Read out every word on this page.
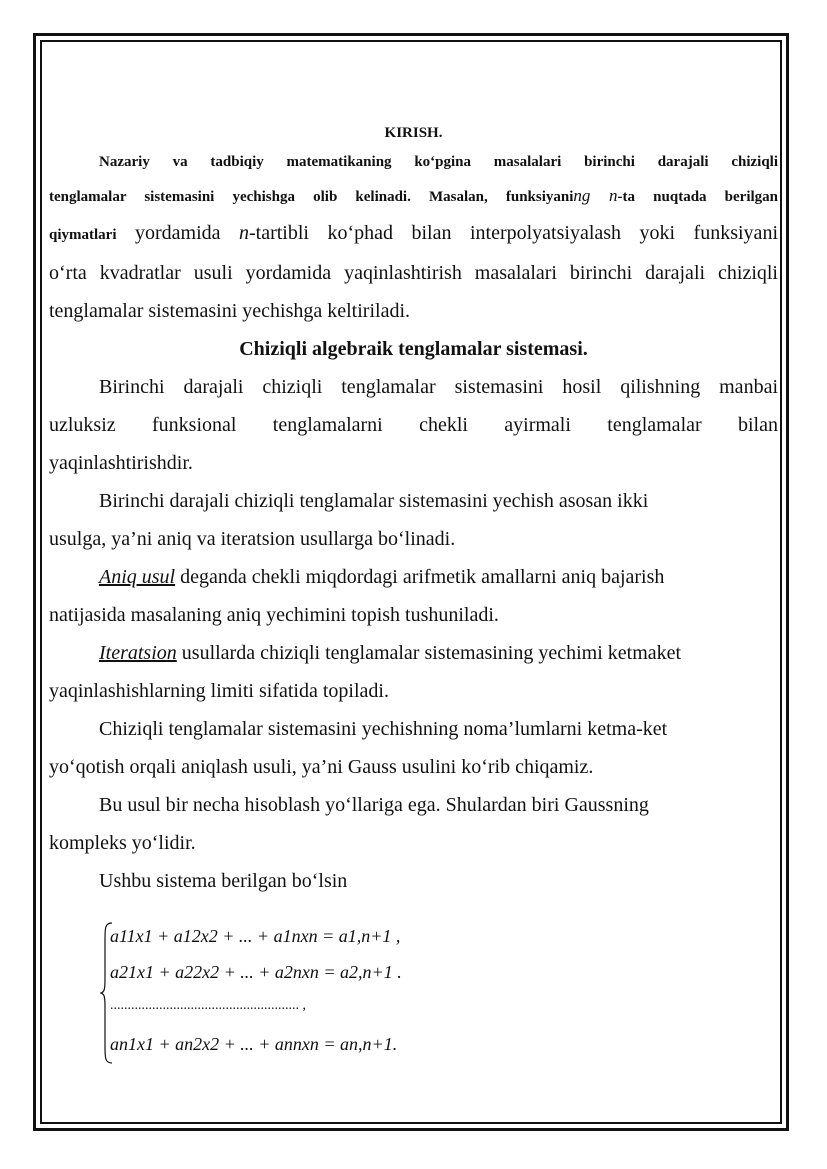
KIRISH.

Nazariy va tadbiqiy matematikaning ko‘pgina masalalari birinchi darajali chiziqli
tenglamalar sistemasini yechishga olib kelinadi. Masalan, funksiyaning n-ta nuqtada berilgan
qiymatlari yordamida n-tartibli ko‘phad bilan interpolyatsiyalash yoki funksiyani
o‘rta kvadratlar usuli yordamida yaqinlashtirish masalalari birinchi darajali chiziqli
tenglamalar sistemasini yechishga keltiriladi.

Chiziqli algebraik tenglamalar sistemasi.

Birinchi darajali chiziqli tenglamalar sistemasini hosil qilishning manbai
uzluksiz funksional tenglamalarni chekli ayirmali tenglamalar bilan
yaqinlashtirishdir.
Birinchi darajali chiziqli tenglamalar sistemasini yechish asosan ikki
usulga, ya’ni aniq va iteratsion usullarga bo‘linadi.
Aniq usul deganda chekli miqdordagi arifmetik amallarni aniq bajarish
natijasida masalaning aniq yechimini topish tushuniladi.
Iteratsion usullarda chiziqli tenglamalar sistemasining yechimi ketmaket
yaqinlashishlarning limiti sifatida topiladi.
Chiziqli tenglamalar sistemasini yechishning noma’lumlarni ketma-ket
yo‘qotish orqali aniqlash usuli, ya’ni Gauss usulini ko‘rib chiqamiz.
Bu usul bir necha hisoblash yo‘llariga ega. Shulardan biri Gaussning
kompleks yo‘lidir.
Ushbu sistema berilgan bo‘lsin
a11x1 + a12x2 + ... + a1nxn = a1,n+1 ,
a21x1 + a22x2 + ... + a2nxn = a2,n+1 .
...................................................... ,
an1x1 + an2x2 + ... + annxn = an,n+1.
